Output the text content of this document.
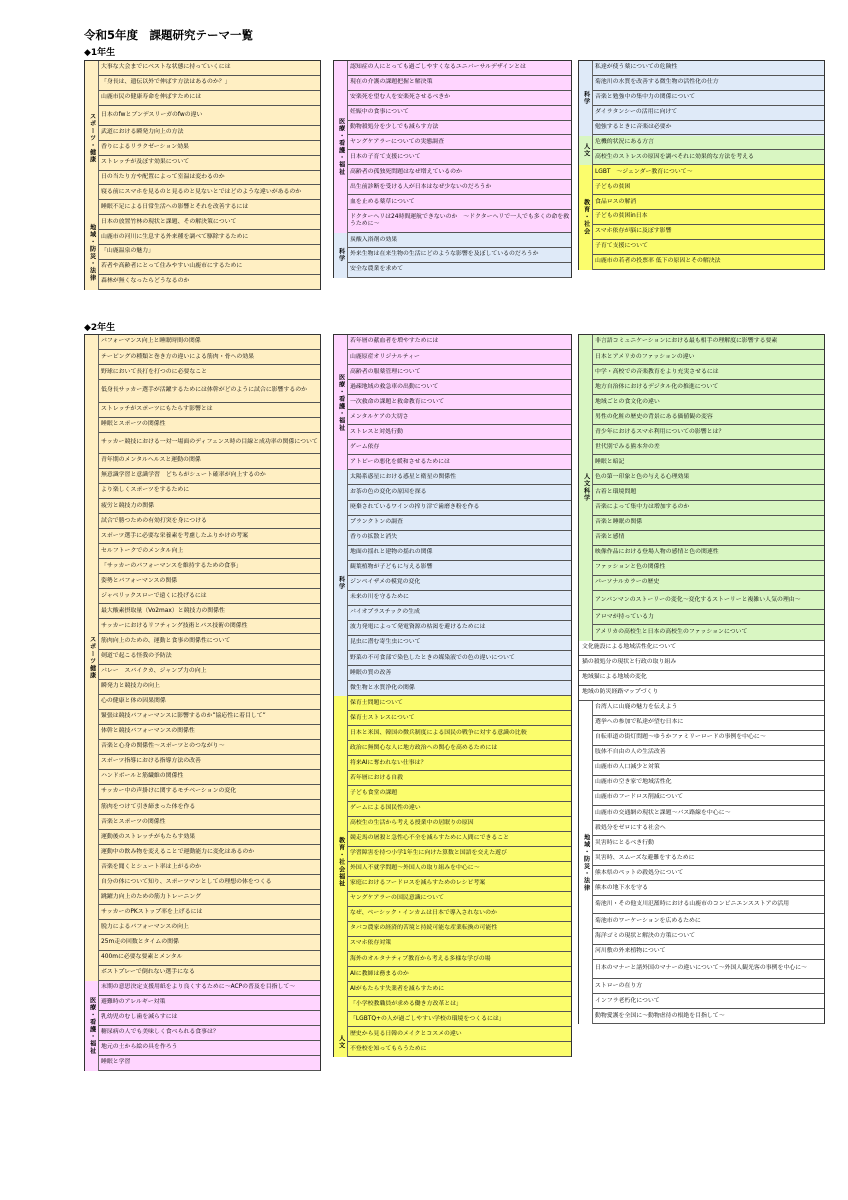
令和5年度　課題研究テーマ一覧
◆1年生
大事な大会までにベストな状態に持っていくには
「身長は、遺伝以外で伸ばす方法はあるのか？」
山鹿市民の健康寿命を伸ばすためには
日本のfwとブンデスリーガのfwの違い
武道における瞬発力向上の方法
香りによるリラクゼーション効果
ストレッチが及ぼす効果について
日の当たり方や配置によって室温は変わるのか
寝る前にスマホを見るのと見るのと見ないとではどのような違いがあるのか
睡眠不足による日常生活への影響とそれを改善するには
スポーツ・健康
日本の放置竹林の現状と課題、その解決策について
山鹿市の河川に生息する外来種を調べて駆除するために
「山鹿温泉の魅力」
若者や高齢者にとって住みやすい山鹿市にするために
森林が無くなったらどうなるのか
地域・防災・法律
認知症の人にとっても過ごしやすくなるユニバーサルデザインとは
現在の介護の課題把握と解決策
安楽死を望む人を安楽死させるべきか
妊娠中の食事について
動物殺処分を少しでも減らす方法
ヤングケアラーについての実態調査
日本の子育て支援について
高齢者の孤独死問題はなぜ増えているのか
出生前診断を受ける人が日本はなぜ少ないのだろうか
血を止める薬草について
ドクターヘリは24時間運航できないのか　～ドクターヘリで一人でも多くの命を救うために～
医療・看護・福祉
炭酸入浴剤の効果
外来生物は在来生物の生活にどのような影響を及ぼしているのだろうか
安全な農業を求めて
科学
私達が使う薬についての危険性
菊池川の水質を改善する微生物の活性化の仕方
音楽と勉強中の集中力の関係について
ダイラタンシーの活用に向けて
勉強するときに音楽は必要か
科学
危機的状況にある方言
高校生のストレスの原因を調べそれに効果的な方法を考える
人文
LGBT　～ジェンダー教育について～
子どもの貧困
食品ロスの解消
子どもの貧困in日本
スマホ依存が脳に及ぼす影響
子育て支援について
山鹿市の若者の投票率 低下の原因とその解決法
教育・社会
◆2年生
パフォーマンス向上と睡眠時間の関係
テーピングの種類と巻き方の違いによる筋肉・骨への効果
野球において長打を打つのに必要なこと
低身長サッカー選手が活躍するためには体幹がどのように試合に影響するのか
ストレッチがスポーツにもたらす影響とは
睡眠とスポーツの関係性
サッカー競技における一対一場面のディフェンス時の目線と成功率の関係について
青年期のメンタルヘルスと運動の関係
無意識学習と意識学習　どちらがシュート確率が向上するのか
より楽しくスポーツをするために
疲労と競技力の関係
試合で勝つための有効打突を身につける
スポーツ選手に必要な栄養素を考慮したふりかけの考案
セルフトークでのメンタル向上
「サッカーのパフォーマンスを維持するための食事」
姿勢とパフォーマンスの関係
ジャベリックスローで遠くに投げるには
最大酸素摂取量（Vo2max）と競技力の関係性
サッカーにおけるリフティング技術とパス技術の関係性
筋肉向上のための、運動と食事の関係性について
剣道で起こる怪我の予防法
バレー　スパイクカ、ジャンプ力の向上
瞬発力と競技力の向上
心の健康と体の因果関係
緊張は競技パフォーマンスに影響するのか”協応性に着目して”
体幹と競技パフォーマンスの関係性
音楽と心身の関係性～スポーツとのつながり～
スポーツ指導における指導方法の改善
ハンドボールと筋繊維の関係性
サッカー中の声掛けに関するモチベーションの変化
筋肉をつけて引き締まった体を作る
音楽とスポーツの関係性
運動後のストレッチがもたらす効果
運動中の飲み物を変えることで運動能力に変化はあるのか
音楽を聞くとシュート率は上がるのか
自分の体について知り、スポーツマンとしての理想の体をつくる
跳躍力向上のための筋力トレーニング
サッカーのPKストップ率を上げるには
脱力によるパフォーマンスの向上
25m走の回数とタイムの関係
400mに必要な要素とメンタル
ボストプレーで倒れない選手になる
スポーツ健康
末期の意思決定支援用紙をより良くするために～ACPの普及を目指して～
避難時のアレルギー対策
乳幼児のむし歯を減らすには
糖尿病の人でも美味しく食べられる食事は？
地元の土から絵の具を作ろう
睡眠と学習
医療・看護・福祉
若年層の献血者を増やすためには
山鹿原産オリジナルティー
高齢者の服薬管理について
過疎地域の救急車の出動について
一次救命の課題と救命教育について
メンタルケアの大切さ
ストレスと対処行動
ゲーム依存
アトピーの悪化を緩和させるためには
医療・看護・福祉
太陽系惑星における惑星と衛星の関係性
お茶の色の変化の原因を探る
廃棄されているワインの搾り滓で歯磨き粉を作る
プランクトンの調査
香りの拡散と消失
地面の揺れと建物の揺れの関係
観葉植物が子どもに与える影響
ジンベイザメの模覚の変化
未来の川を守るために
バイオプラスチックの生成
波力発電によって発電資源の枯渇を避けるためには
昆虫に潜む寄生虫について
野菜の不可食部で染色したときの媒染液での色の違いについて
睡眠の質の改善
微生物と水質浄化の関係
科学
保育士問題について
保育士ストレスについて
日本と米国、韓国の徴兵制度による国民の戦争に対する意識の比較
政治に無関心な人に地方政治への関心を高めるためには
将来AIに奪われない仕事は？
若年層における自殺
子ども食堂の課題
ゲームによる国民性の違い
高校生の生活から考える授業中の居眠りの原因
競走馬の屠殺と急性心不全を減らすために人間にできること
学習障害を持つ小学1年生に向けた算数と国語を交えた遊び
外国人不就学問題～外国人の取り組みを中心に～
家庭におけるフードロスを減らすためのレシピ考案
ヤングケアラーの国民意識について
なぜ、ベーシック・インカムは日本で導入されないのか
タバコ農家の経済的苦境と持続可能な産業転換の可能性
スマホ依存対策
海外のオルタナティブ教育から考える多様な学びの場
AIに教師は務まるのか
AIがもたらす失業者を減らすために
「小学校教職員が求める働き方改革とは」
「LGBTQ+の人が過ごしやすい学校の環境をつくるには」
教育・社会福祉
歴史から見る日韓のメイクとコスメの違い
不登校を知ってもらうために
人文
非言語コミュニケーションにおける最も相手の理解度に影響する要素
日本とアメリカのファッションの違い
中学・高校での音楽教育をより充実させるには
地方自治体におけるデジタル化の推進について
地域ごとの食文化の違い
男性の化粧の歴史の背景にある価値観の変容
青少年におけるスマホ利用についての影響とは？
世代別でみる熊本弁の差
睡眠と暗記
色の第一印象と色の与える心理効果
古着と環境問題
音楽によって集中力は増加するのか
音楽と睡眠の関係
音楽と感情
映像作品における登場人物の感情と色の関連性
ファッションと色の関係性
パーソナルカラーの歴史
アンパンマンのストーリーの変化～変化するストーリーと複雑い人気の理由～
アロマが持っている力
アメリカの高校生と日本の高校生のファッションについて
人文科学
文化施設による地域活性化について
猫の殺処分の現状と行政の取り組み
地域猫による地域の変化
地域の防災経路マップづくり
台湾人に山鹿の魅力を伝えよう
選挙への参加で私達が望む日本に
自転車道の街灯問題～ゆうかファミリーロードの事例を中心に～
肢体不自由の人の生活改善
山鹿市の人口減少と対策
山鹿市の空き家で地域活性化
山鹿市のフードロス削減について
山鹿市の交通網の現状と課題～バス路線を中心に～
殺処分をゼロにする社会へ
災害時にとるべき行動
災害時、スムーズな避難をするために
熊本県のペットの殺処分について
熊本の地下水を守る
菊池川・その他支川氾濫時における山鹿市のコンビニエンスストアの活用
菊池市のワーケーションを広めるために
海洋ゴミの現状と解決の方策について
河川敷の外来植物について
日本のマナーと諸外国のマナーの違いについて～外国人観光客の事例を中心に～
ストローの在り方
インフラ老朽化について
動物愛護を全国に～動物虐待の根絶を目指して～
地域・防災・法律
